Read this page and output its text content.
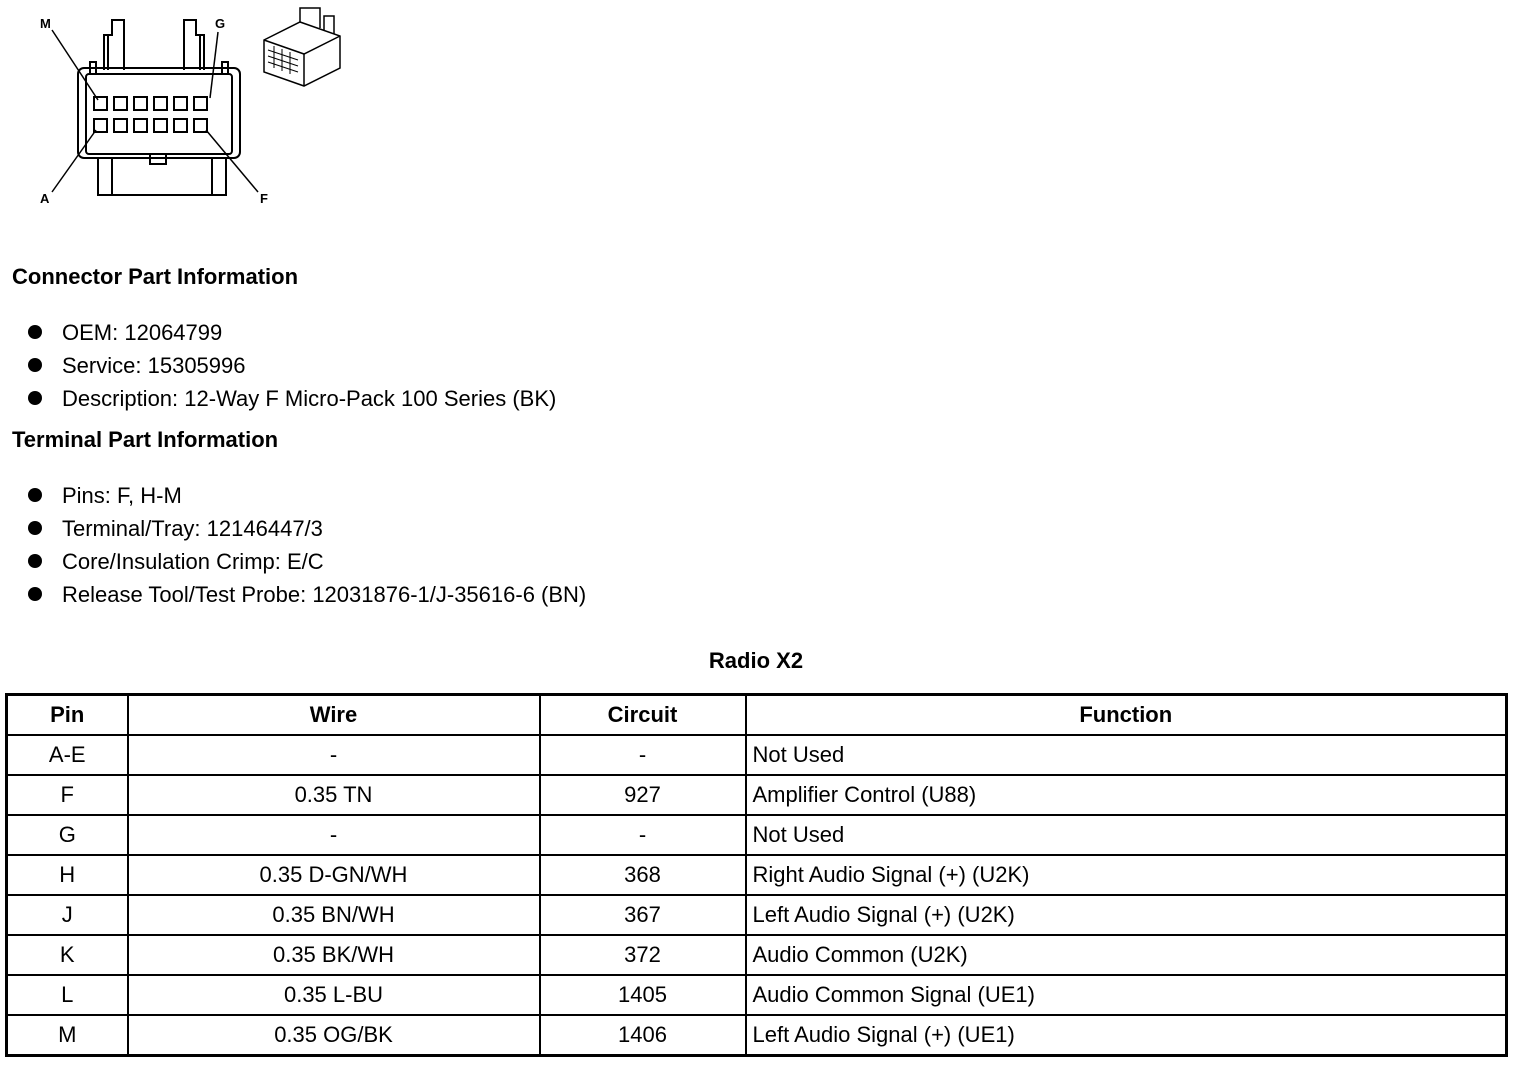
M	G
A	F
Connector Part Information
OEM: 12064799
Service: 15305996
Description: 12-Way F Micro-Pack 100 Series (BK)
Terminal Part Information
Pins: F, H-M
Terminal/Tray: 12146447/3
Core/Insulation Crimp: E/C
Release Tool/Test Probe: 12031876-1/J-35616-6 (BN)
Radio X2
Pin	Wire	Circuit	Function
A-E	-	-	Not Used
F	0.35 TN	927	Amplifier Control (U88)
G	-	-	Not Used
H	0.35 D-GN/WH	368	Right Audio Signal (+) (U2K)
J	0.35 BN/WH	367	Left Audio Signal (+) (U2K)
K	0.35 BK/WH	372	Audio Common (U2K)
L	0.35 L-BU	1405	Audio Common Signal (UE1)
M	0.35 OG/BK	1406	Left Audio Signal (+) (UE1)
